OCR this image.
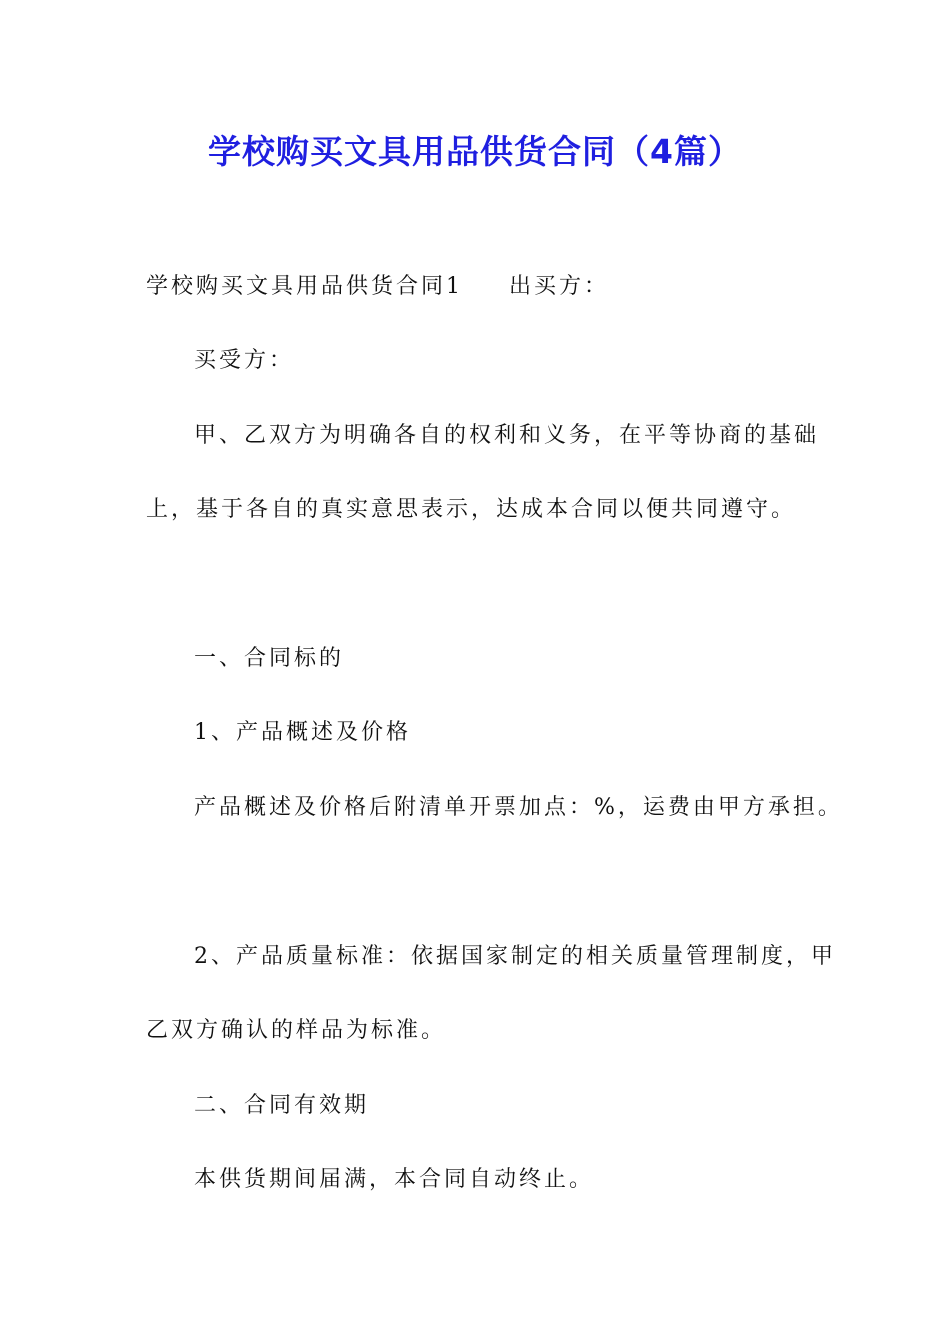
学校购买文具用品供货合同（4篇）
学校购买文具用品供货合同1 出买方：
买受方：
甲、乙双方为明确各自的权利和义务，在平等协商的基础
上，基于各自的真实意思表示，达成本合同以便共同遵守。
一、合同标的
1、产品概述及价格
产品概述及价格后附清单开票加点：%，运费由甲方承担。
2、产品质量标准：依据国家制定的相关质量管理制度，甲
乙双方确认的样品为标准。
二、合同有效期
本供货期间届满，本合同自动终止。
